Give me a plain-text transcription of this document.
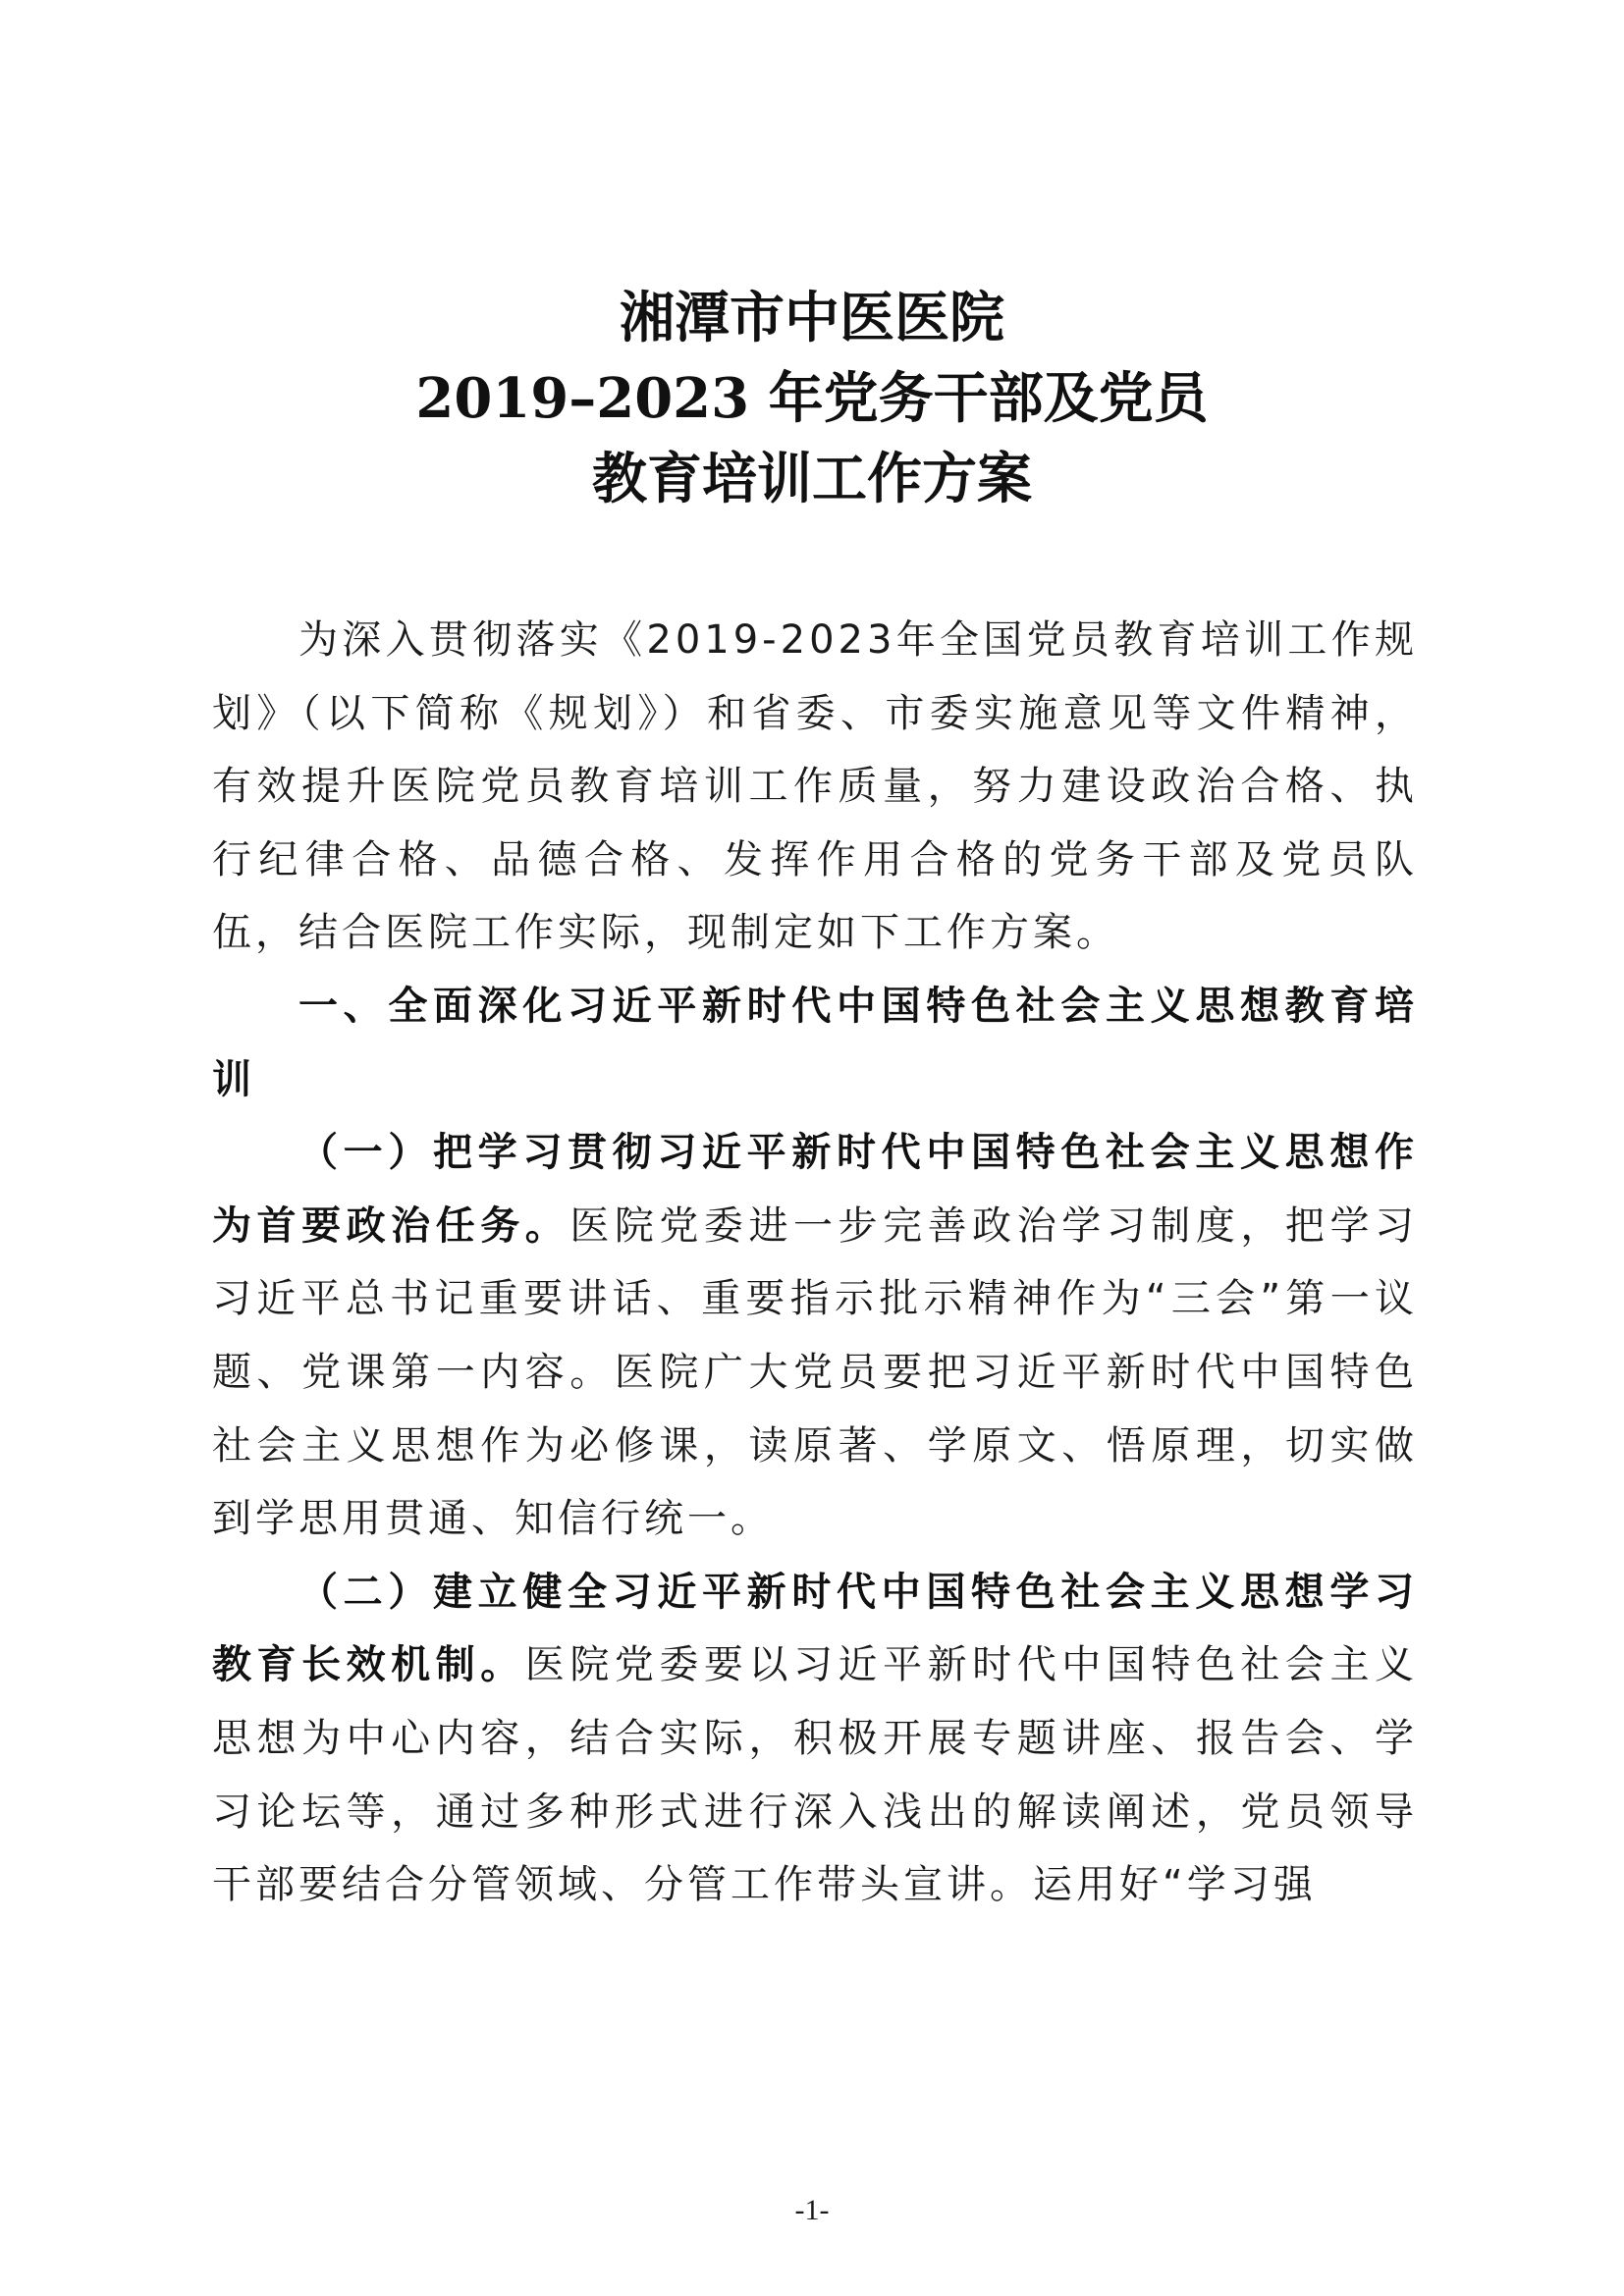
湘潭市中医医院
2019–2023 年党务干部及党员
教育培训工作方案

为深入贯彻落实《2019-2023年全国党员教育培训工作规划》（以下简称《规划》）和省委、市委实施意见等文件精神，有效提升医院党员教育培训工作质量，努力建设政治合格、执行纪律合格、品德合格、发挥作用合格的党务干部及党员队伍，结合医院工作实际，现制定如下工作方案。

一、全面深化习近平新时代中国特色社会主义思想教育培训

（一）把学习贯彻习近平新时代中国特色社会主义思想作为首要政治任务。医院党委进一步完善政治学习制度，把学习习近平总书记重要讲话、重要指示批示精神作为“三会”第一议题、党课第一内容。医院广大党员要把习近平新时代中国特色社会主义思想作为必修课，读原著、学原文、悟原理，切实做到学思用贯通、知信行统一。

（二）建立健全习近平新时代中国特色社会主义思想学习教育长效机制。医院党委要以习近平新时代中国特色社会主义思想为中心内容，结合实际，积极开展专题讲座、报告会、学习论坛等，通过多种形式进行深入浅出的解读阐述，党员领导干部要结合分管领域、分管工作带头宣讲。运用好“学习强

-1-
